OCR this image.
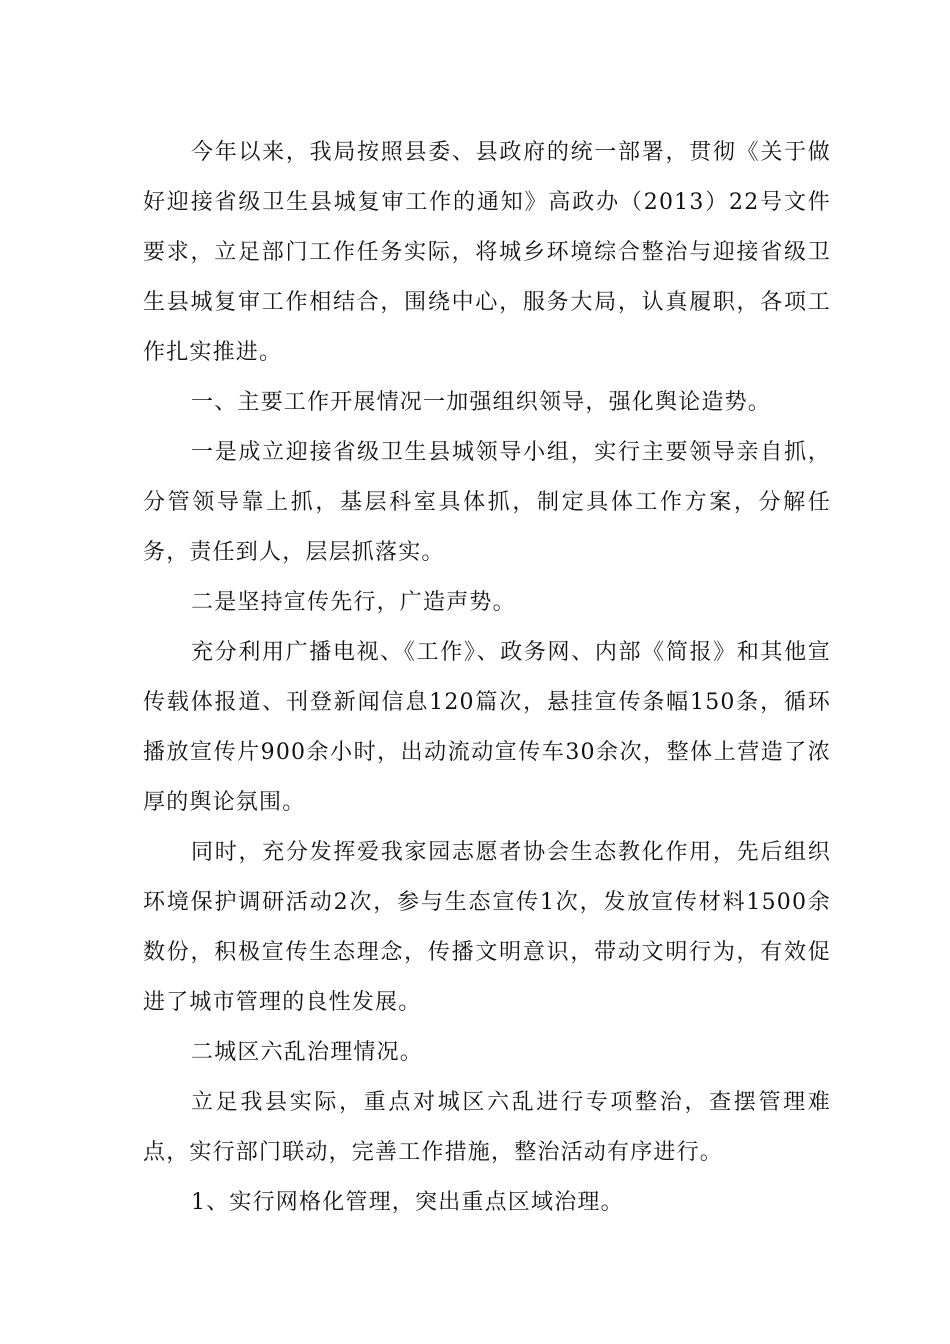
今年以来，我局按照县委、县政府的统一部署，贯彻《关于做好迎接省级卫生县城复审工作的通知》高政办（2013）22号文件要求，立足部门工作任务实际，将城乡环境综合整治与迎接省级卫生县城复审工作相结合，围绕中心，服务大局，认真履职，各项工作扎实推进。

一、主要工作开展情况一加强组织领导，强化舆论造势。

一是成立迎接省级卫生县城领导小组，实行主要领导亲自抓，分管领导靠上抓，基层科室具体抓，制定具体工作方案，分解任务，责任到人，层层抓落实。

二是坚持宣传先行，广造声势。

充分利用广播电视、《工作》、政务网、内部《简报》和其他宣传载体报道、刊登新闻信息120篇次，悬挂宣传条幅150条，循环播放宣传片900余小时，出动流动宣传车30余次，整体上营造了浓厚的舆论氛围。

同时，充分发挥爱我家园志愿者协会生态教化作用，先后组织环境保护调研活动2次，参与生态宣传1次，发放宣传材料1500余数份，积极宣传生态理念，传播文明意识，带动文明行为，有效促进了城市管理的良性发展。

二城区六乱治理情况。

立足我县实际，重点对城区六乱进行专项整治，查摆管理难点，实行部门联动，完善工作措施，整治活动有序进行。

1、实行网格化管理，突出重点区域治理。
